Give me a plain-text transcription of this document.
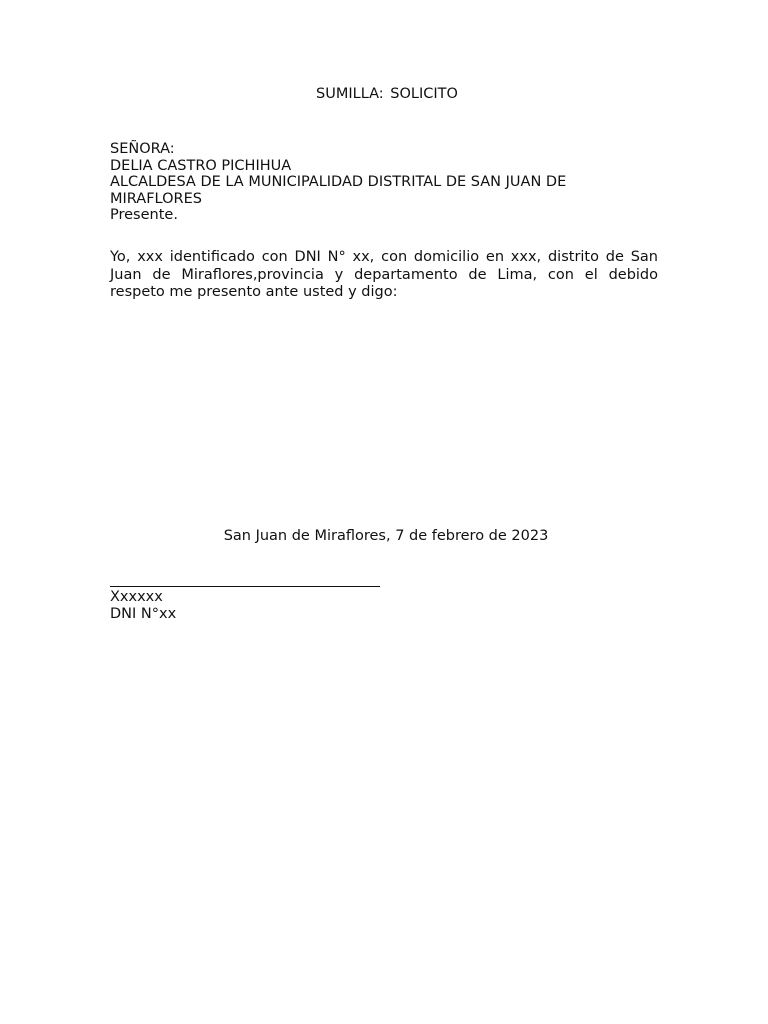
SUMILLA: SOLICITO
SEÑORA:
DELIA CASTRO PICHIHUA
ALCALDESA DE LA MUNICIPALIDAD DISTRITAL DE SAN JUAN DE
MIRAFLORES
Presente.
Yo, xxx identificado con DNI N° xx, con domicilio en xxx, distrito de San Juan de Miraflores,provincia y departamento de Lima, con el debido respeto me presento ante usted y digo:
San Juan de Miraflores, 7 de febrero de 2023
Xxxxxx
DNI N°xx
